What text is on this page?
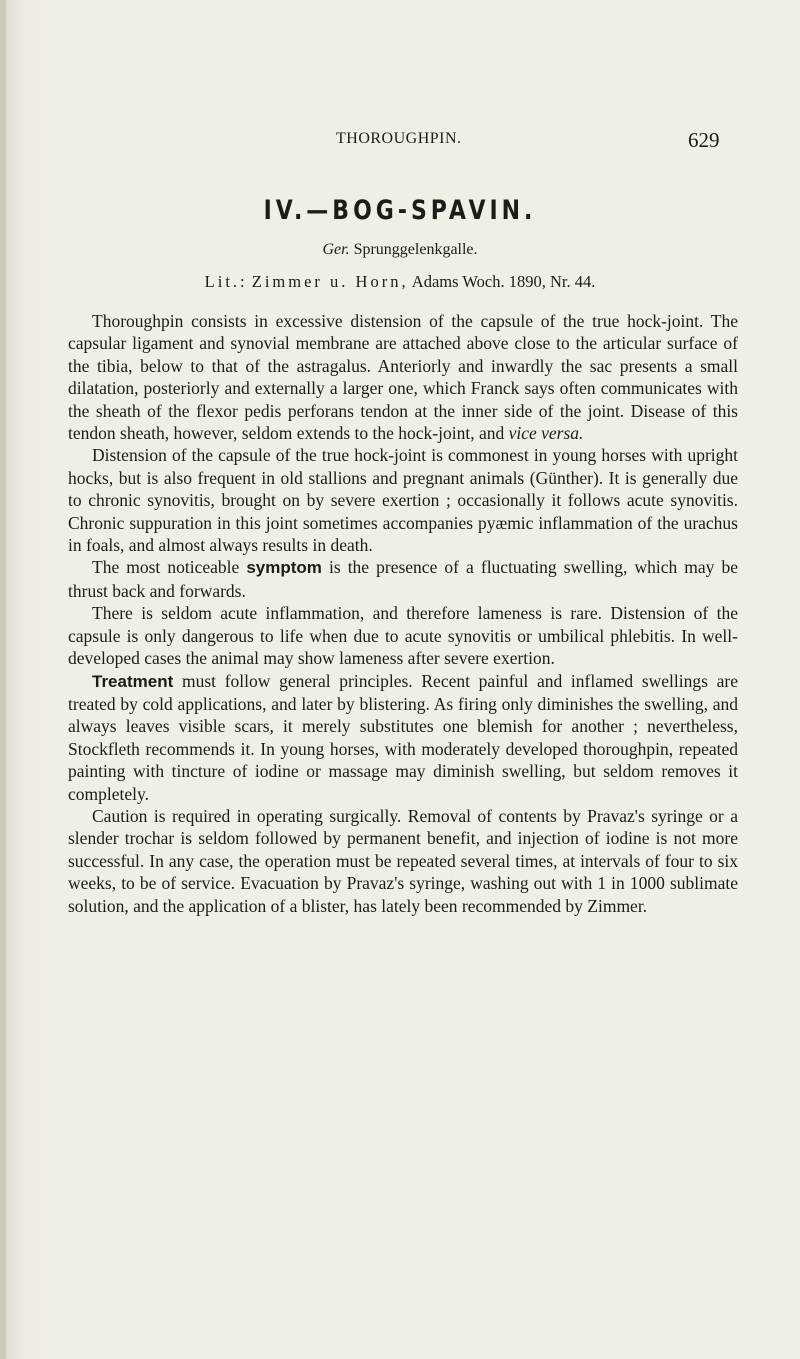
THOROUGHPIN.	629
IV.—BOG-SPAVIN.
Ger. Sprunggelenkgalle.
Lit.: Zimmer u. Horn, Adams Woch. 1890, Nr. 44.

Thoroughpin consists in excessive distension of the capsule of the true hock-joint. The capsular ligament and synovial membrane are attached above close to the articular surface of the tibia, below to that of the astragalus. Anteriorly and inwardly the sac presents a small dilatation, posteriorly and externally a larger one, which Franck says often communicates with the sheath of the flexor pedis perforans tendon at the inner side of the joint. Disease of this tendon sheath, however, seldom extends to the hock-joint, and vice versa.

Distension of the capsule of the true hock-joint is commonest in young horses with upright hocks, but is also frequent in old stallions and pregnant animals (Günther). It is generally due to chronic synovitis, brought on by severe exertion ; occasionally it follows acute synovitis. Chronic suppuration in this joint sometimes accompanies pyæmic inflammation of the urachus in foals, and almost always results in death.

The most noticeable symptom is the presence of a fluctuating swelling, which may be thrust back and forwards.

There is seldom acute inflammation, and therefore lameness is rare. Distension of the capsule is only dangerous to life when due to acute synovitis or umbilical phlebitis. In well-developed cases the animal may show lameness after severe exertion.

Treatment must follow general principles. Recent painful and inflamed swellings are treated by cold applications, and later by blistering. As firing only diminishes the swelling, and always leaves visible scars, it merely substitutes one blemish for another ; nevertheless, Stockfleth recommends it. In young horses, with moderately developed thoroughpin, repeated painting with tincture of iodine or massage may diminish swelling, but seldom removes it completely.

Caution is required in operating surgically. Removal of contents by Pravaz's syringe or a slender trochar is seldom followed by permanent benefit, and injection of iodine is not more successful. In any case, the operation must be repeated several times, at intervals of four to six weeks, to be of service. Evacuation by Pravaz's syringe, washing out with 1 in 1000 sublimate solution, and the application of a blister, has lately been recommended by Zimmer.
